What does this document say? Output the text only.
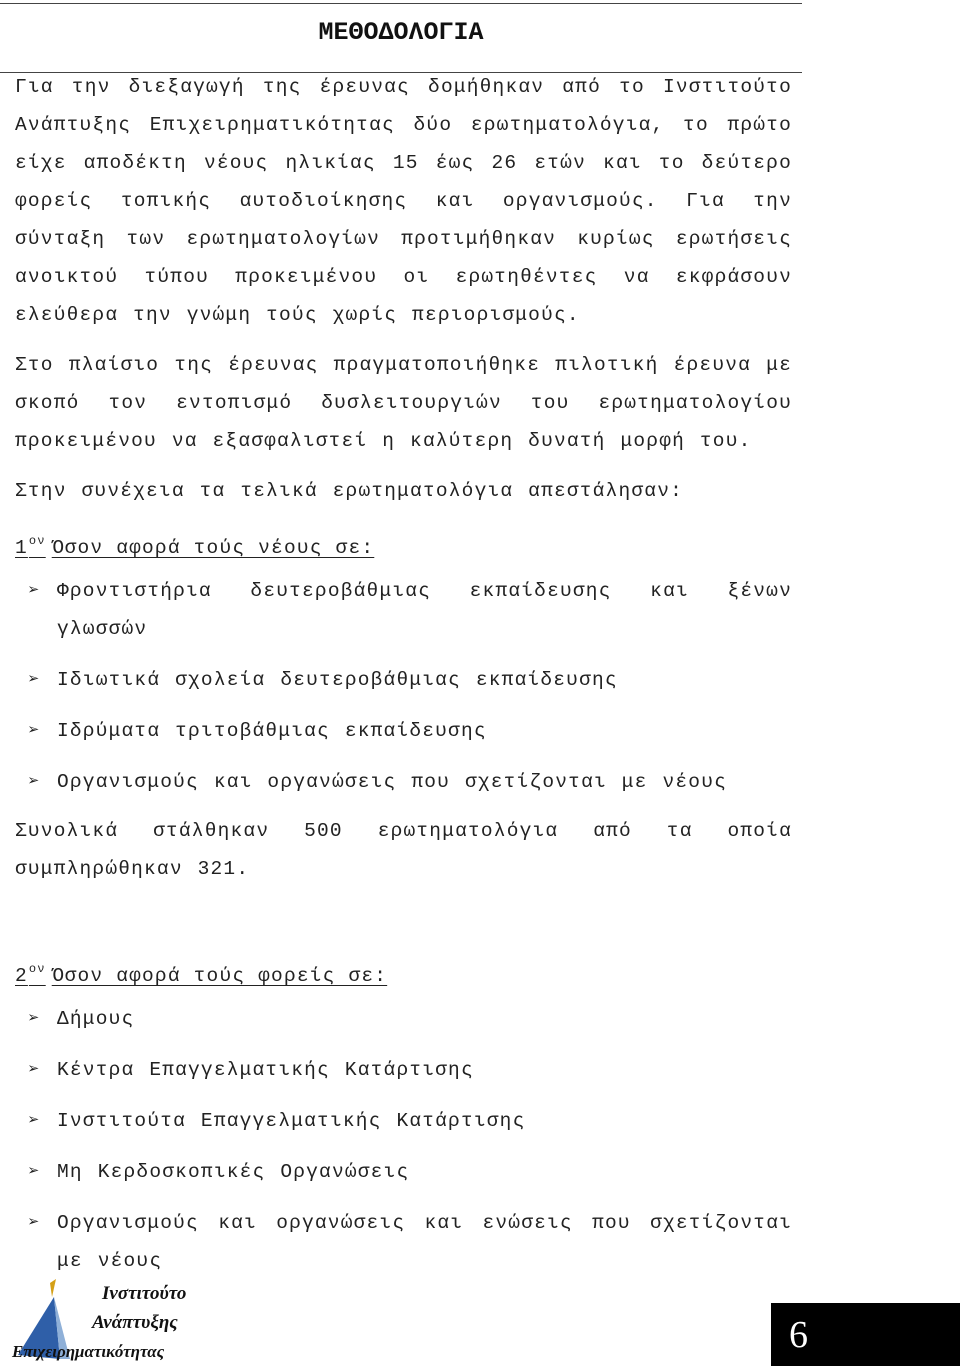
ΜΕΘΟΔΟΛΟΓΙΑ

Για την διεξαγωγή της έρευνας δομήθηκαν από το Ινστιτούτο Ανάπτυξης Επιχειρηματικότητας δύο ερωτηματολόγια, το πρώτο είχε αποδέκτη νέους ηλικίας 15 έως 26 ετών και το δεύτερο φορείς τοπικής αυτοδιοίκησης και οργανισμούς. Για την σύνταξη των ερωτηματολογίων προτιμήθηκαν κυρίως ερωτήσεις ανοικτού τύπου προκειμένου οι ερωτηθέντες να εκφράσουν ελεύθερα την γνώμη τούς χωρίς περιορισμούς.

Στο πλαίσιο της έρευνας πραγματοποιήθηκε πιλοτική έρευνα με σκοπό τον εντοπισμό δυσλειτουργιών του ερωτηματολογίου προκειμένου να εξασφαλιστεί η καλύτερη δυνατή μορφή του.

Στην συνέχεια τα τελικά ερωτηματολόγια απεστάλησαν:

$1^{o\nu}$ Όσον αφορά τούς νέους σε:
➢ Φροντιστήρια δευτεροβάθμιας εκπαίδευσης και ξένων γλωσσών
➢ Ιδιωτικά σχολεία δευτεροβάθμιας εκπαίδευσης
➢ Ιδρύματα τριτοβάθμιας εκπαίδευσης
➢ Οργανισμούς και οργανώσεις που σχετίζονται με νέους

Συνολικά στάλθηκαν 500 ερωτηματολόγια από τα οποία συμπληρώθηκαν 321.

$2^{o\nu}$ Όσον αφορά τούς φορείς σε:
➢ Δήμους
➢ Κέντρα Επαγγελματικής Κατάρτισης
➢ Ινστιτούτα Επαγγελματικής Κατάρτισης
➢ Μη Κερδοσκοπικές Οργανώσεις
➢ Οργανισμούς και οργανώσεις και ενώσεις που σχετίζονται με νέους
Ινστιτούτο
Ανάπτυξης
Επιχειρηματικότητας	6
